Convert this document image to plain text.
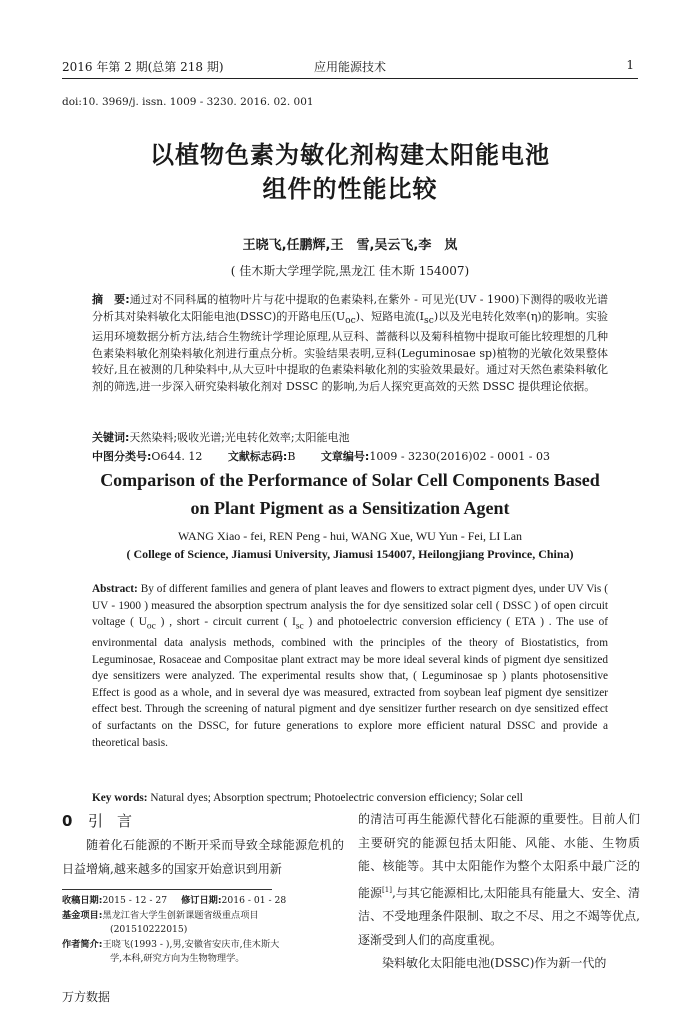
2016 年第 2 期(总第 218 期)	应用能源技术	1
doi:10. 3969/j. issn. 1009 - 3230. 2016. 02. 001
以植物色素为敏化剂构建太阳能电池
组件的性能比较
王晓飞,任鹏辉,王　雪,吴云飞,李　岚
( 佳木斯大学理学院,黑龙江 佳木斯 154007)
摘　要:通过对不同科属的植物叶片与花中提取的色素染料,在紫外 - 可见光(UV - 1900)下测得的吸收光谱分析其对染料敏化太阳能电池(DSSC)的开路电压$(U_{oc})$、短路电流$(I_{sc})$以及光电转化效率(η)的影响。实验运用环境数据分析方法,结合生物统计学理论原理,从豆科、蔷薇科以及菊科植物中提取可能比较理想的几种色素染料敏化剂染料敏化剂进行重点分析。实验结果表明,豆科(Leguminosae sp)植物的光敏化效果整体较好,且在被测的几种染料中,从大豆叶中提取的色素染料敏化剂的实验效果最好。通过对天然色素染料敏化剂的筛选,进一步深入研究染料敏化剂对 DSSC 的影响,为后人探究更高效的天然 DSSC 提供理论依据。
关键词:天然染料;吸收光谱;光电转化效率;太阳能电池
中图分类号:O644. 12 文献标志码:B 文章编号:1009 - 3230(2016)02 - 0001 - 03
Comparison of the Performance of Solar Cell Components Based
on Plant Pigment as a Sensitization Agent
WANG Xiao - fei, REN Peng - hui, WANG Xue, WU Yun - Fei, LI Lan
( College of Science, Jiamusi University, Jiamusi 154007, Heilongjiang Province, China)
Abstract: By of different families and genera of plant leaves and flowers to extract pigment dyes, under UV Vis ( UV - 1900 ) measured the absorption spectrum analysis the for dye sensitized solar cell ( DSSC ) of open circuit voltage ( $U_{oc}$ ) , short - circuit current ( $I_{sc}$ ) and photoelectric conversion efficiency ( ETA ) . The use of environmental data analysis methods, combined with the principles of the theory of Biostatistics, from Leguminosae, Rosaceae and Compositae plant extract may be more ideal several kinds of pigment dye sensitized dye sensitizers were analyzed. The experimental results show that, ( Leguminosae sp ) plants photosensitive Effect is good as a whole, and in several dye was measured, extracted from soybean leaf pigment dye sensitizer effect best. Through the screening of natural pigment and dye sensitizer further research on dye sensitized effect of surfactants on the DSSC, for future generations to explore more efficient natural DSSC and provide a theoretical basis.
Key words: Natural dyes; Absorption spectrum; Photoelectric conversion efficiency; Solar cell
0 引言
随着化石能源的不断开采而导致全球能源危机的日益增熵,越来越多的国家开始意识到用新
收稿日期:2015 - 12 - 27 修订日期:2016 - 01 - 28
基金项目:黑龙江省大学生创新课题省级重点项目
(201510222015)
作者简介:王晓飞(1993 - ),男,安徽省安庆市,佳木斯大
学,本科,研究方向为生物物理学。
的清洁可再生能源代替化石能源的重要性。目前人们主要研究的能源包括太阳能、风能、水能、生物质能、核能等。其中太阳能作为整个太阳系中最广泛的能源[1],与其它能源相比,太阳能具有能量大、安全、清洁、不受地理条件限制、取之不尽、用之不竭等优点,逐渐受到人们的高度重视。
染料敏化太阳能电池(DSSC)作为新一代的
万方数据
